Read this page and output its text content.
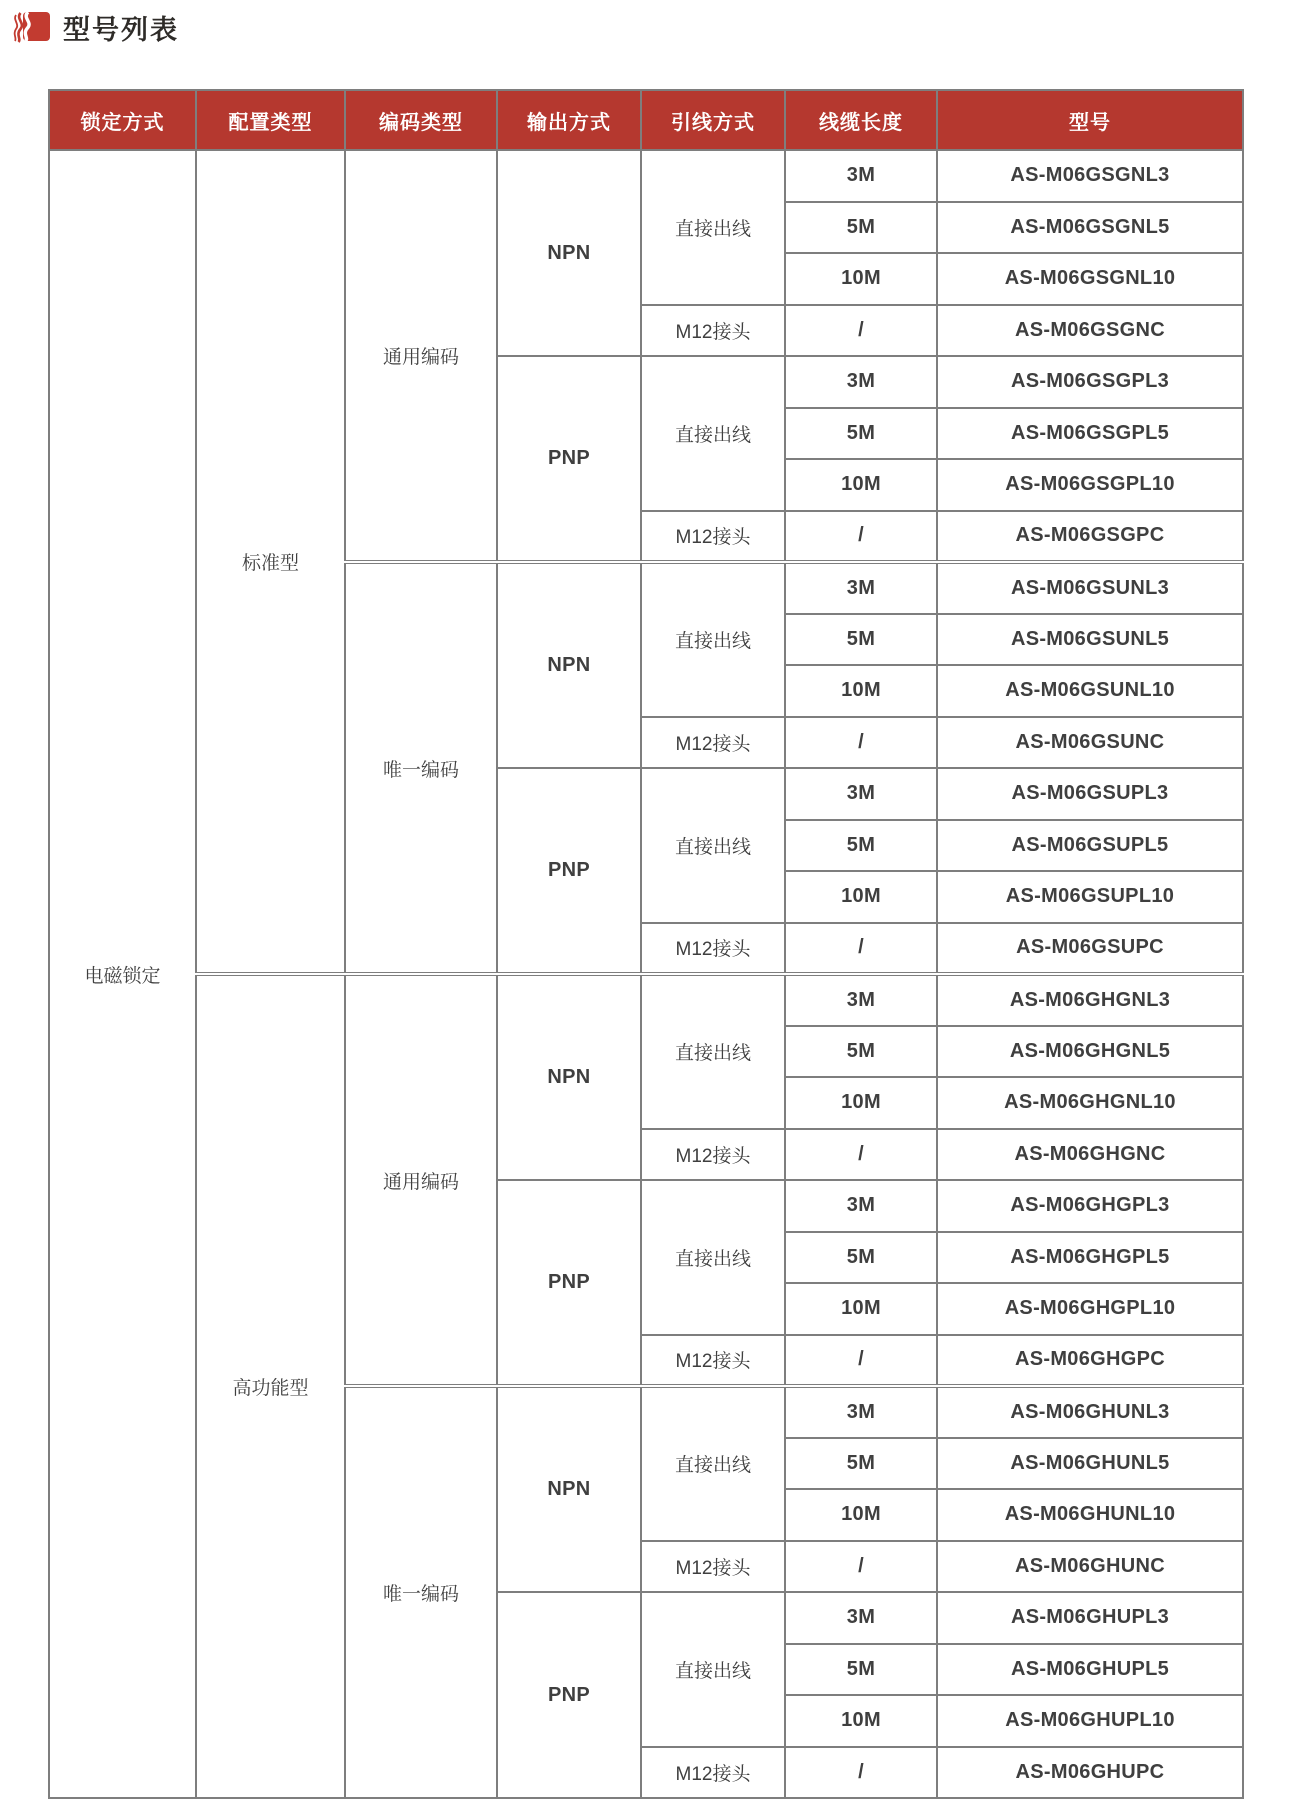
型号列表
锁定方式	配置类型	编码类型	输出方式	引线方式	线缆长度	型号
电磁锁定	标准型	通用编码	NPN	直接出线	3M	AS-M06GSGNL3
					5M	AS-M06GSGNL5
					10M	AS-M06GSGNL10
				M12接头	/	AS-M06GSGNC
			PNP	直接出线	3M	AS-M06GSGPL3
					5M	AS-M06GSGPL5
					10M	AS-M06GSGPL10
				M12接头	/	AS-M06GSGPC
		唯一编码	NPN	直接出线	3M	AS-M06GSUNL3
					5M	AS-M06GSUNL5
					10M	AS-M06GSUNL10
				M12接头	/	AS-M06GSUNC
			PNP	直接出线	3M	AS-M06GSUPL3
					5M	AS-M06GSUPL5
					10M	AS-M06GSUPL10
				M12接头	/	AS-M06GSUPC
	高功能型	通用编码	NPN	直接出线	3M	AS-M06GHGNL3
					5M	AS-M06GHGNL5
					10M	AS-M06GHGNL10
				M12接头	/	AS-M06GHGNC
			PNP	直接出线	3M	AS-M06GHGPL3
					5M	AS-M06GHGPL5
					10M	AS-M06GHGPL10
				M12接头	/	AS-M06GHGPC
		唯一编码	NPN	直接出线	3M	AS-M06GHUNL3
					5M	AS-M06GHUNL5
					10M	AS-M06GHUNL10
				M12接头	/	AS-M06GHUNC
			PNP	直接出线	3M	AS-M06GHUPL3
					5M	AS-M06GHUPL5
					10M	AS-M06GHUPL10
				M12接头	/	AS-M06GHUPC
